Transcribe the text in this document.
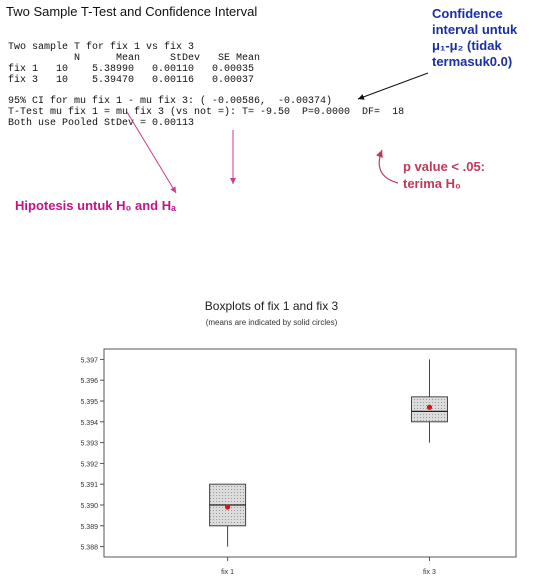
Two Sample T-Test and Confidence Interval
Two sample T for fix 1 vs fix 3
N      Mean     StDev   SE Mean
fix 1   10    5.38990   0.00110   0.00035
fix 3   10    5.39470   0.00116   0.00037
95% CI for mu fix 1 - mu fix 3: ( -0.00586,  -0.00374)
T-Test mu fix 1 = mu fix 3 (vs not =): T= -9.50  P=0.0000  DF=  18
Both use Pooled StDev = 0.00113
Confidence
interval untuk
μ₁-μ₂ (tidak
termasuk0.0)
p value < .05:
terima H₀
Hipotesis untuk H₀ and Hₐ
Boxplots of fix 1 and fix 3
(means are indicated by solid circles)
5.388
5.389
5.390
5.391
5.392
5.393
5.394
5.395
5.396
5.397
fix 1	fix 3
